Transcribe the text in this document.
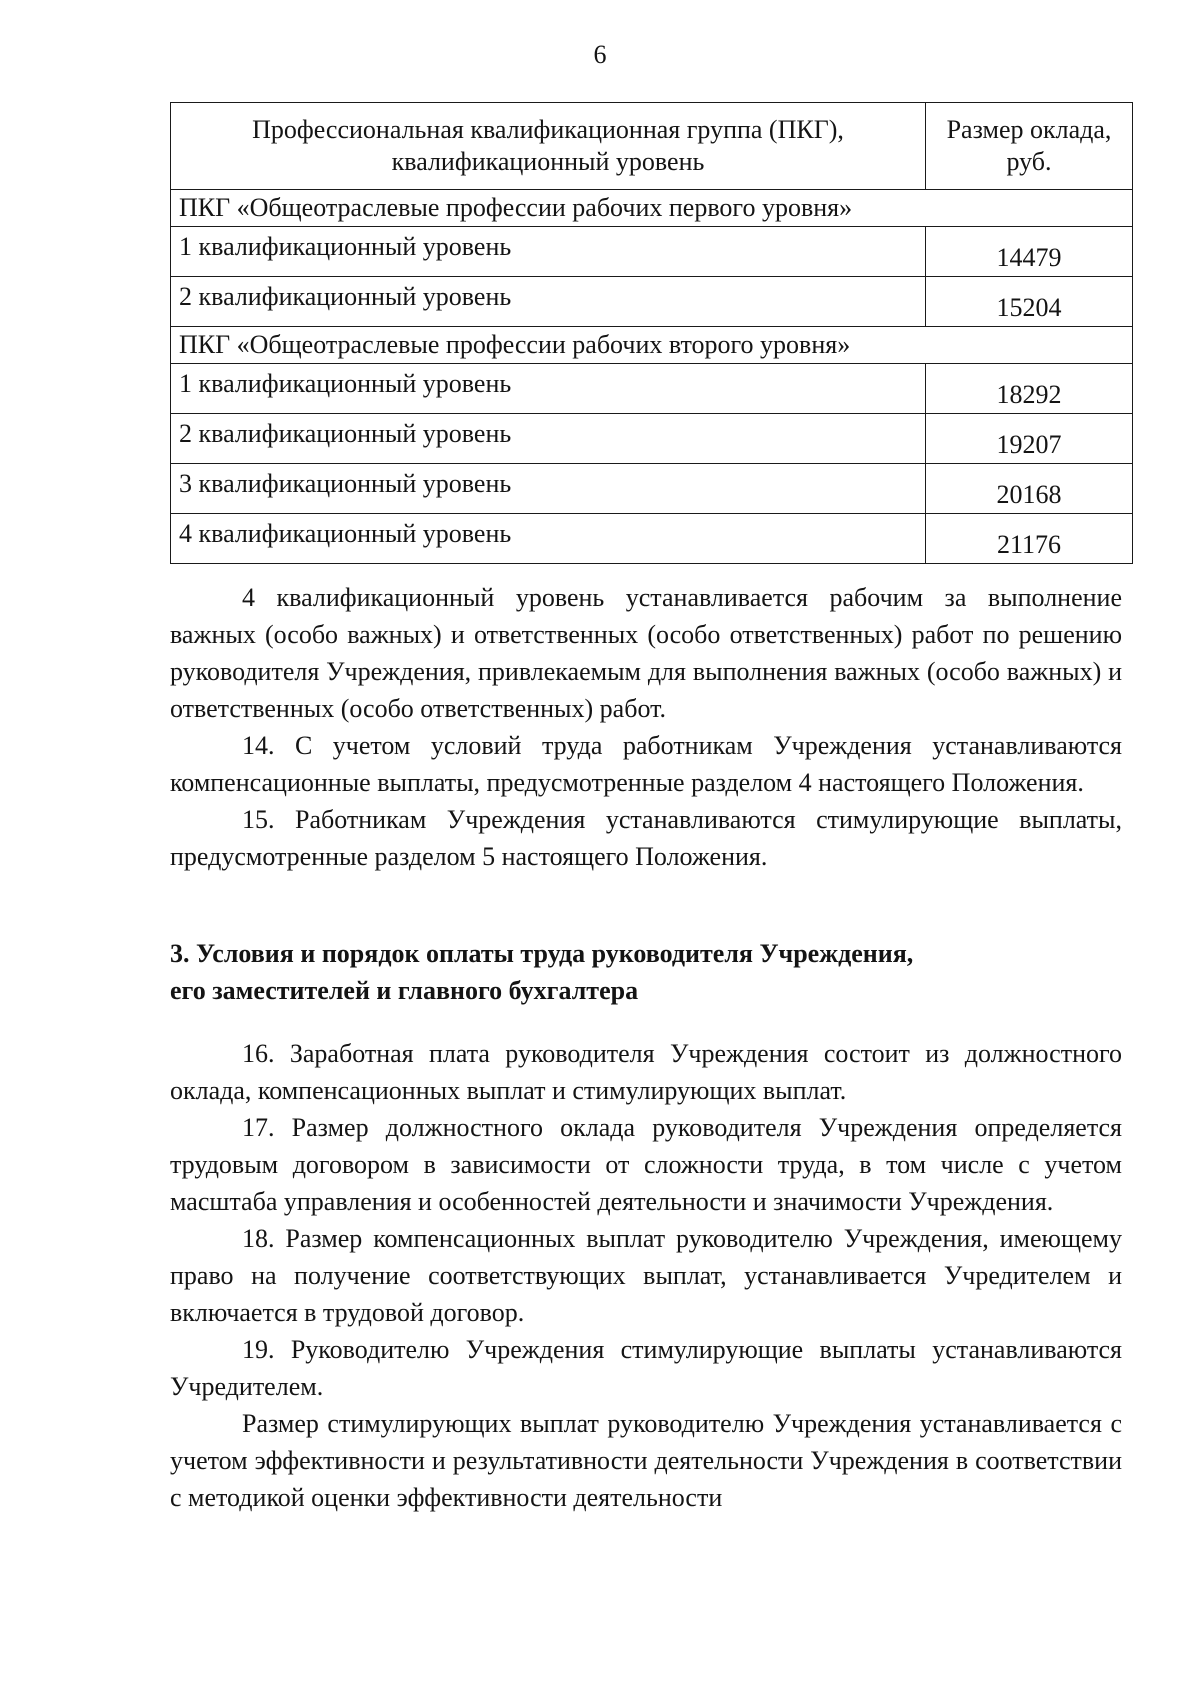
6
Профессиональная квалификационная группа (ПКГ), квалификационный уровень	Размер оклада, руб.
ПКГ «Общеотраслевые профессии рабочих первого уровня»	
1 квалификационный уровень	14479
2 квалификационный уровень	15204
ПКГ «Общеотраслевые профессии рабочих второго уровня»	
1 квалификационный уровень	18292
2 квалификационный уровень	19207
3 квалификационный уровень	20168
4 квалификационный уровень	21176

4 квалификационный уровень устанавливается рабочим за выполнение важных (особо важных) и ответственных (особо ответственных) работ по решению руководителя Учреждения, привлекаемым для выполнения важных (особо важных) и ответственных (особо ответственных) работ.

14. С учетом условий труда работникам Учреждения устанавливаются компенсационные выплаты, предусмотренные разделом 4 настоящего Положения.

15. Работникам Учреждения устанавливаются стимулирующие выплаты, предусмотренные разделом 5 настоящего Положения.

3. Условия и порядок оплаты труда руководителя Учреждения,

его заместителей и главного бухгалтера

16. Заработная плата руководителя Учреждения состоит из должностного оклада, компенсационных выплат и стимулирующих выплат.

17. Размер должностного оклада руководителя Учреждения определяется трудовым договором в зависимости от сложности труда, в том числе с учетом масштаба управления и особенностей деятельности и значимости Учреждения.

18. Размер компенсационных выплат руководителю Учреждения, имеющему право на получение соответствующих выплат, устанавливается Учредителем и включается в трудовой договор.

19. Руководителю Учреждения стимулирующие выплаты устанавливаются Учредителем.

Размер стимулирующих выплат руководителю Учреждения устанавливается с учетом эффективности и результативности деятельности Учреждения в соответствии с методикой оценки эффективности деятельности
